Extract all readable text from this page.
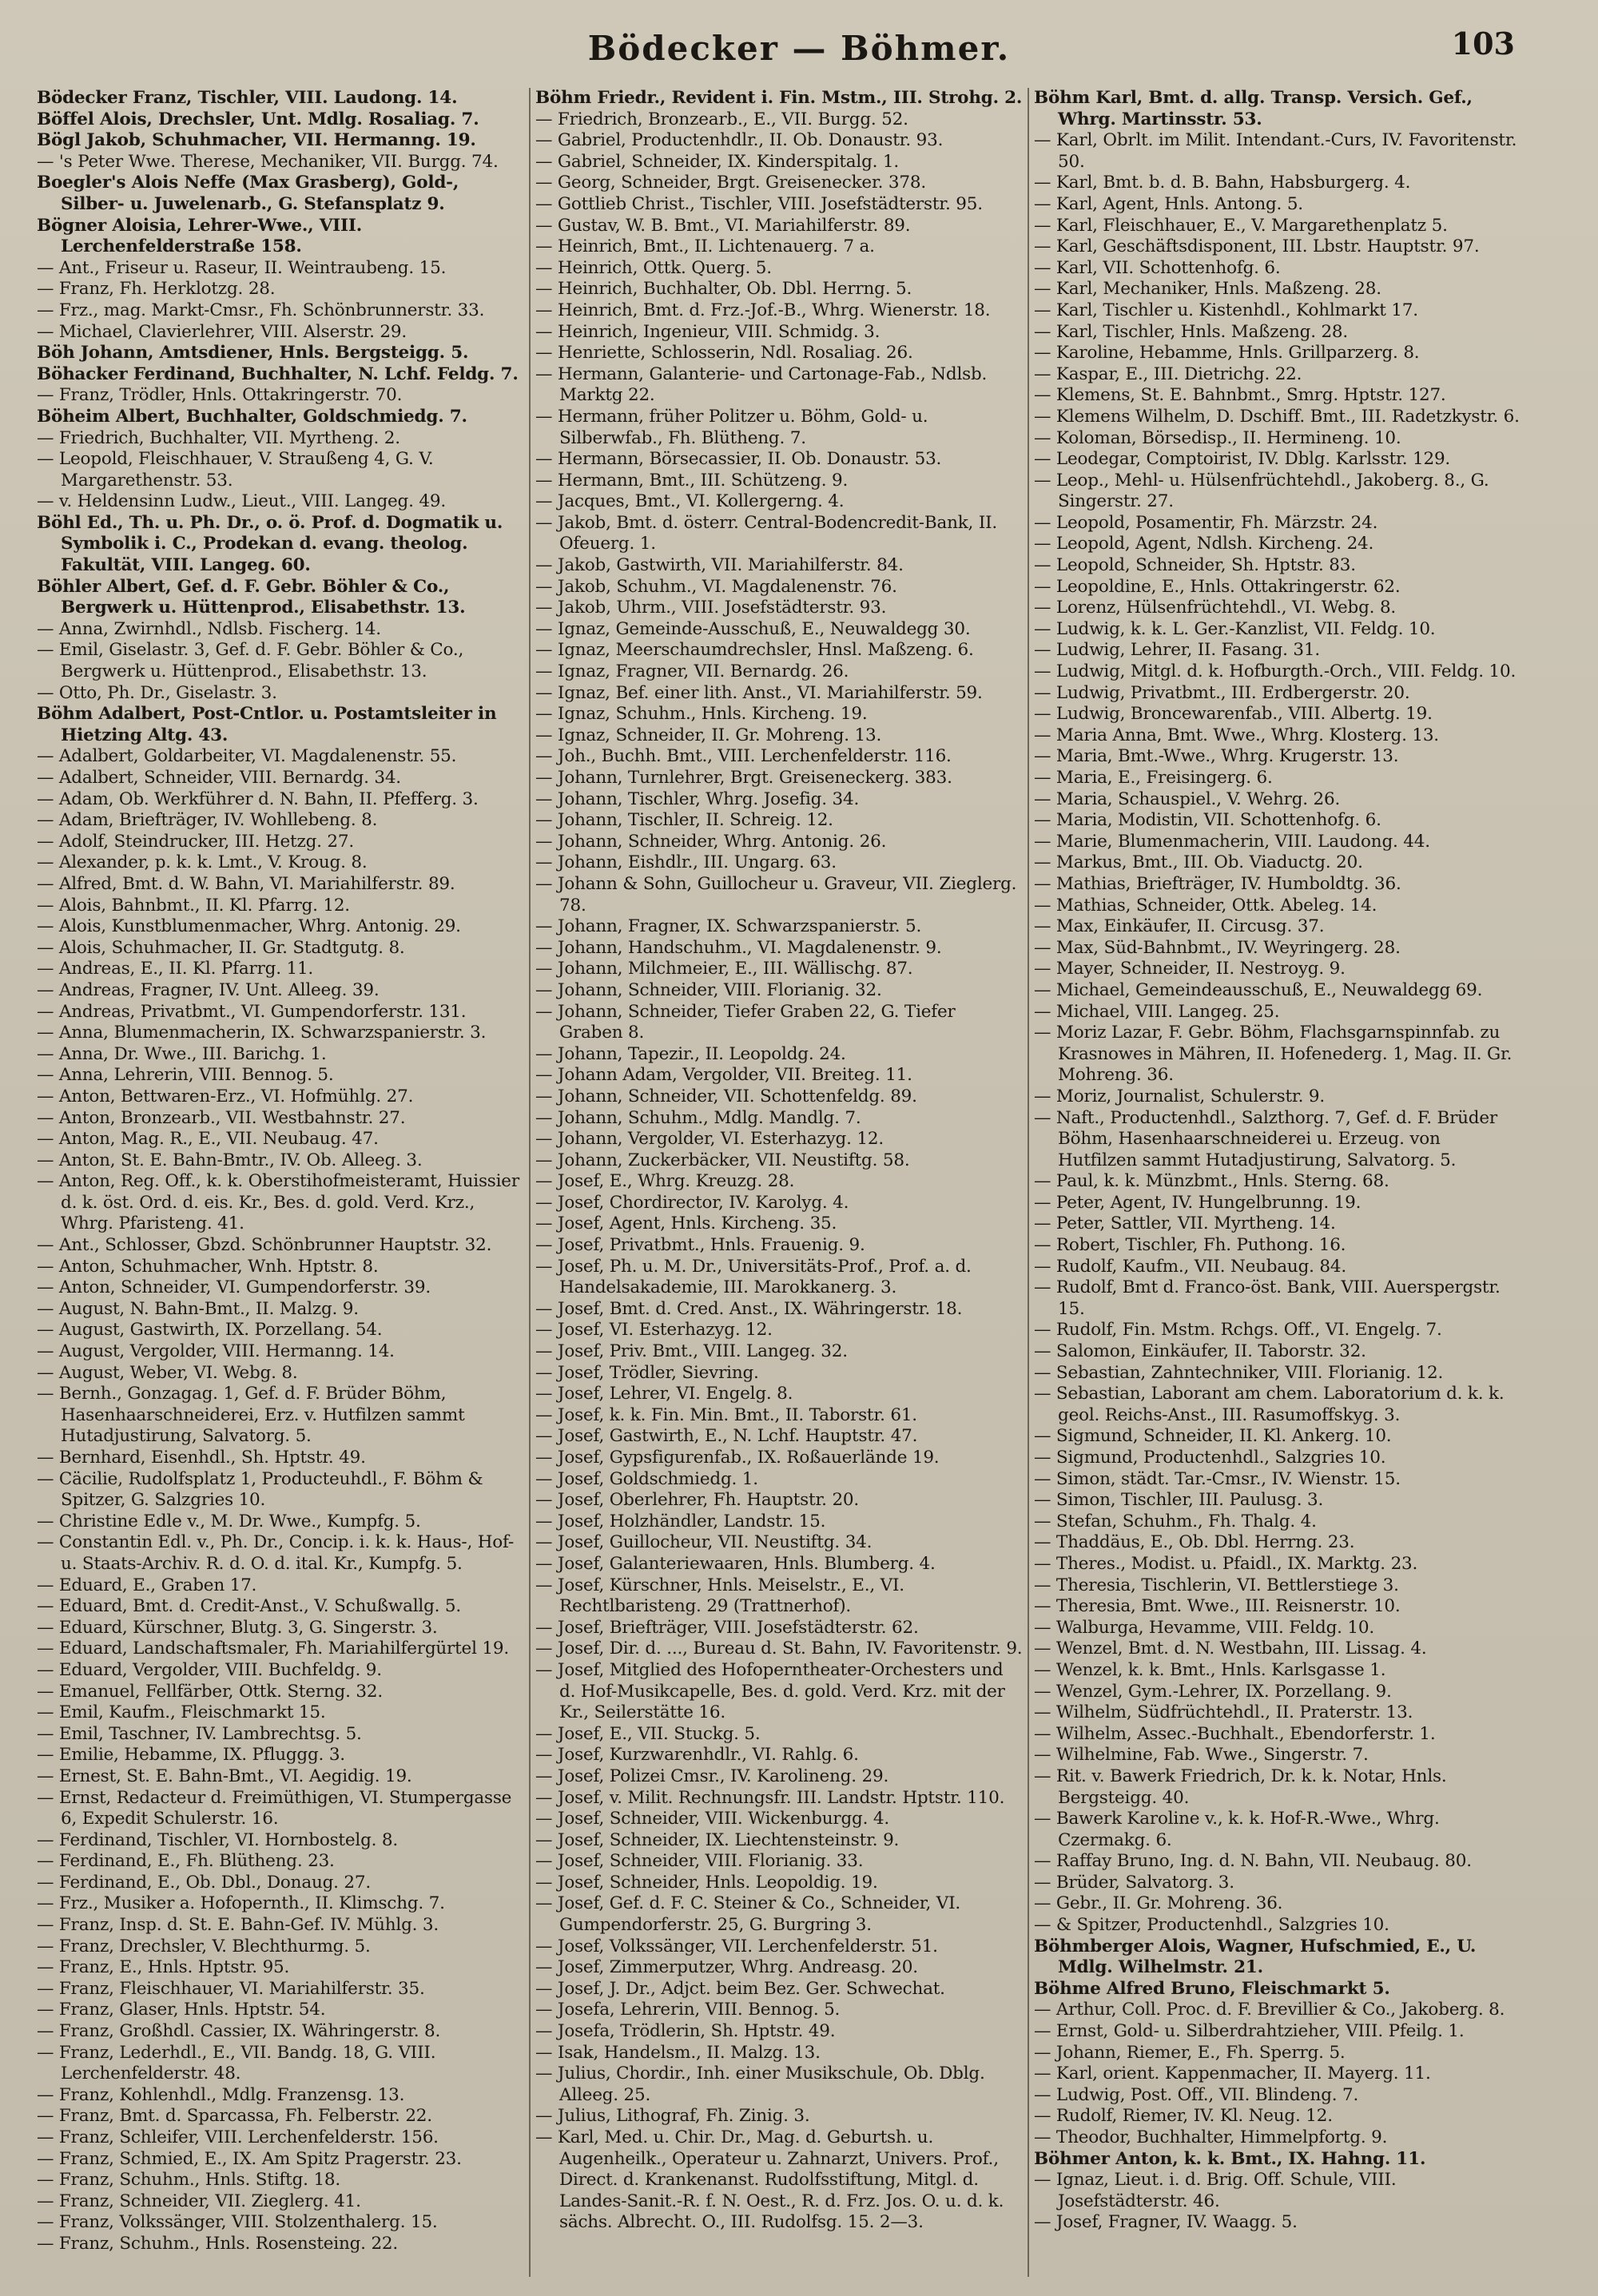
Bödecker — Böhmer.	103

Bödecker Franz, Tischler, VIII. Laudong. 14.

Böffel Alois, Drechsler, Unt. Mdlg. Rosaliag. 7.

Bögl Jakob, Schuhmacher, VII. Hermanng. 19.

— 's Peter Wwe. Therese, Mechaniker, VII. Burgg. 74.

Boegler's Alois Neffe (Max Grasberg), Gold-, Silber- u. Juwelenarb., G. Stefansplatz 9.

Bögner Aloisia, Lehrer-Wwe., VIII. Lerchenfelderstraße 158.

— Ant., Friseur u. Raseur, II. Weintraubeng. 15.

— Franz, Fh. Herklotzg. 28.

— Frz., mag. Markt-Cmsr., Fh. Schönbrunnerstr. 33.

— Michael, Clavierlehrer, VIII. Alserstr. 29.

Böh Johann, Amtsdiener, Hnls. Bergsteigg. 5.

Böhacker Ferdinand, Buchhalter, N. Lchf. Feldg. 7.

— Franz, Trödler, Hnls. Ottakringerstr. 70.

Böheim Albert, Buchhalter, Goldschmiedg. 7.

— Friedrich, Buchhalter, VII. Myrtheng. 2.

— Leopold, Fleischhauer, V. Straußeng 4, G. V. Margarethenstr. 53.

— v. Heldensinn Ludw., Lieut., VIII. Langeg. 49.

Böhl Ed., Th. u. Ph. Dr., o. ö. Prof. d. Dogmatik u. Symbolik i. C., Prodekan d. evang. theolog. Fakultät, VIII. Langeg. 60.

Böhler Albert, Gef. d. F. Gebr. Böhler & Co., Bergwerk u. Hüttenprod., Elisabethstr. 13.

— Anna, Zwirnhdl., Ndlsb. Fischerg. 14.

— Emil, Giselastr. 3, Gef. d. F. Gebr. Böhler & Co., Bergwerk u. Hüttenprod., Elisabethstr. 13.

— Otto, Ph. Dr., Giselastr. 3.

Böhm Adalbert, Post-Cntlor. u. Postamtsleiter in Hietzing Altg. 43.

— Adalbert, Goldarbeiter, VI. Magdalenenstr. 55.

— Adalbert, Schneider, VIII. Bernardg. 34.

— Adam, Ob. Werkführer d. N. Bahn, II. Pfefferg. 3.

— Adam, Briefträger, IV. Wohllebeng. 8.

— Adolf, Steindrucker, III. Hetzg. 27.

— Alexander, p. k. k. Lmt., V. Kroug. 8.

— Alfred, Bmt. d. W. Bahn, VI. Mariahilferstr. 89.

— Alois, Bahnbmt., II. Kl. Pfarrg. 12.

— Alois, Kunstblumenmacher, Whrg. Antonig. 29.

— Alois, Schuhmacher, II. Gr. Stadtgutg. 8.

— Andreas, E., II. Kl. Pfarrg. 11.

— Andreas, Fragner, IV. Unt. Alleeg. 39.

— Andreas, Privatbmt., VI. Gumpendorferstr. 131.

— Anna, Blumenmacherin, IX. Schwarzspanierstr. 3.

— Anna, Dr. Wwe., III. Barichg. 1.

— Anna, Lehrerin, VIII. Bennog. 5.

— Anton, Bettwaren-Erz., VI. Hofmühlg. 27.

— Anton, Bronzearb., VII. Westbahnstr. 27.

— Anton, Mag. R., E., VII. Neubaug. 47.

— Anton, St. E. Bahn-Bmtr., IV. Ob. Alleeg. 3.

— Anton, Reg. Off., k. k. Oberstihofmeisteramt, Huissier d. k. öst. Ord. d. eis. Kr., Bes. d. gold. Verd. Krz., Whrg. Pfaristeng. 41.

— Ant., Schlosser, Gbzd. Schönbrunner Hauptstr. 32.

— Anton, Schuhmacher, Wnh. Hptstr. 8.

— Anton, Schneider, VI. Gumpendorferstr. 39.

— August, N. Bahn-Bmt., II. Malzg. 9.

— August, Gastwirth, IX. Porzellang. 54.

— August, Vergolder, VIII. Hermanng. 14.

— August, Weber, VI. Webg. 8.

— Bernh., Gonzagag. 1, Gef. d. F. Brüder Böhm, Hasenhaarschneiderei, Erz. v. Hutfilzen sammt Hutadjustirung, Salvatorg. 5.

— Bernhard, Eisenhdl., Sh. Hptstr. 49.

— Cäcilie, Rudolfsplatz 1, Producteuhdl., F. Böhm & Spitzer, G. Salzgries 10.

— Christine Edle v., M. Dr. Wwe., Kumpfg. 5.

— Constantin Edl. v., Ph. Dr., Concip. i. k. k. Haus-, Hof- u. Staats-Archiv. R. d. O. d. ital. Kr., Kumpfg. 5.

— Eduard, E., Graben 17.

— Eduard, Bmt. d. Credit-Anst., V. Schußwallg. 5.

— Eduard, Kürschner, Blutg. 3, G. Singerstr. 3.

— Eduard, Landschaftsmaler, Fh. Mariahilfergürtel 19.

— Eduard, Vergolder, VIII. Buchfeldg. 9.

— Emanuel, Fellfärber, Ottk. Sterng. 32.

— Emil, Kaufm., Fleischmarkt 15.

— Emil, Taschner, IV. Lambrechtsg. 5.

— Emilie, Hebamme, IX. Pfluggg. 3.

— Ernest, St. E. Bahn-Bmt., VI. Aegidig. 19.

— Ernst, Redacteur d. Freimüthigen, VI. Stumpergasse 6, Expedit Schulerstr. 16.

— Ferdinand, Tischler, VI. Hornbostelg. 8.

— Ferdinand, E., Fh. Blütheng. 23.

— Ferdinand, E., Ob. Dbl., Donaug. 27.

— Frz., Musiker a. Hofopernth., II. Klimschg. 7.

— Franz, Insp. d. St. E. Bahn-Gef. IV. Mühlg. 3.

— Franz, Drechsler, V. Blechthurmg. 5.

— Franz, E., Hnls. Hptstr. 95.

— Franz, Fleischhauer, VI. Mariahilferstr. 35.

— Franz, Glaser, Hnls. Hptstr. 54.

— Franz, Großhdl. Cassier, IX. Währingerstr. 8.

— Franz, Lederhdl., E., VII. Bandg. 18, G. VIII. Lerchenfelderstr. 48.

— Franz, Kohlenhdl., Mdlg. Franzensg. 13.

— Franz, Bmt. d. Sparcassa, Fh. Felberstr. 22.

— Franz, Schleifer, VIII. Lerchenfelderstr. 156.

— Franz, Schmied, E., IX. Am Spitz Pragerstr. 23.

— Franz, Schuhm., Hnls. Stiftg. 18.

— Franz, Schneider, VII. Zieglerg. 41.

— Franz, Volkssänger, VIII. Stolzenthalerg. 15.

— Franz, Schuhm., Hnls. Rosensteing. 22.

Böhm Friedr., Revident i. Fin. Mstm., III. Strohg. 2.

— Friedrich, Bronzearb., E., VII. Burgg. 52.

— Gabriel, Productenhdlr., II. Ob. Donaustr. 93.

— Gabriel, Schneider, IX. Kinderspitalg. 1.

— Georg, Schneider, Brgt. Greisenecker. 378.

— Gottlieb Christ., Tischler, VIII. Josefstädterstr. 95.

— Gustav, W. B. Bmt., VI. Mariahilferstr. 89.

— Heinrich, Bmt., II. Lichtenauerg. 7 a.

— Heinrich, Ottk. Querg. 5.

— Heinrich, Buchhalter, Ob. Dbl. Herrng. 5.

— Heinrich, Bmt. d. Frz.-Jof.-B., Whrg. Wienerstr. 18.

— Heinrich, Ingenieur, VIII. Schmidg. 3.

— Henriette, Schlosserin, Ndl. Rosaliag. 26.

— Hermann, Galanterie- und Cartonage-Fab., Ndlsb. Marktg 22.

— Hermann, früher Politzer u. Böhm, Gold- u. Silberwfab., Fh. Blütheng. 7.

— Hermann, Börsecassier, II. Ob. Donaustr. 53.

— Hermann, Bmt., III. Schützeng. 9.

— Jacques, Bmt., VI. Kollergerng. 4.

— Jakob, Bmt. d. österr. Central-Bodencredit-Bank, II. Ofeuerg. 1.

— Jakob, Gastwirth, VII. Mariahilferstr. 84.

— Jakob, Schuhm., VI. Magdalenenstr. 76.

— Jakob, Uhrm., VIII. Josefstädterstr. 93.

— Ignaz, Gemeinde-Ausschuß, E., Neuwaldegg 30.

— Ignaz, Meerschaumdrechsler, Hnsl. Maßzeng. 6.

— Ignaz, Fragner, VII. Bernardg. 26.

— Ignaz, Bef. einer lith. Anst., VI. Mariahilferstr. 59.

— Ignaz, Schuhm., Hnls. Kircheng. 19.

— Ignaz, Schneider, II. Gr. Mohreng. 13.

— Joh., Buchh. Bmt., VIII. Lerchenfelderstr. 116.

— Johann, Turnlehrer, Brgt. Greiseneckerg. 383.

— Johann, Tischler, Whrg. Josefig. 34.

— Johann, Tischler, II. Schreig. 12.

— Johann, Schneider, Whrg. Antonig. 26.

— Johann, Eishdlr., III. Ungarg. 63.

— Johann & Sohn, Guillocheur u. Graveur, VII. Zieglerg. 78.

— Johann, Fragner, IX. Schwarzspanierstr. 5.

— Johann, Handschuhm., VI. Magdalenenstr. 9.

— Johann, Milchmeier, E., III. Wällischg. 87.

— Johann, Schneider, VIII. Florianig. 32.

— Johann, Schneider, Tiefer Graben 22, G. Tiefer Graben 8.

— Johann, Tapezir., II. Leopoldg. 24.

— Johann Adam, Vergolder, VII. Breiteg. 11.

— Johann, Schneider, VII. Schottenfeldg. 89.

— Johann, Schuhm., Mdlg. Mandlg. 7.

— Johann, Vergolder, VI. Esterhazyg. 12.

— Johann, Zuckerbäcker, VII. Neustiftg. 58.

— Josef, E., Whrg. Kreuzg. 28.

— Josef, Chordirector, IV. Karolyg. 4.

— Josef, Agent, Hnls. Kircheng. 35.

— Josef, Privatbmt., Hnls. Frauenig. 9.

— Josef, Ph. u. M. Dr., Universitäts-Prof., Prof. a. d. Handelsakademie, III. Marokkanerg. 3.

— Josef, Bmt. d. Cred. Anst., IX. Währingerstr. 18.

— Josef, VI. Esterhazyg. 12.

— Josef, Priv. Bmt., VIII. Langeg. 32.

— Josef, Trödler, Sievring.

— Josef, Lehrer, VI. Engelg. 8.

— Josef, k. k. Fin. Min. Bmt., II. Taborstr. 61.

— Josef, Gastwirth, E., N. Lchf. Hauptstr. 47.

— Josef, Gypsfigurenfab., IX. Roßauerlände 19.

— Josef, Goldschmiedg. 1.

— Josef, Oberlehrer, Fh. Hauptstr. 20.

— Josef, Holzhändler, Landstr. 15.

— Josef, Guillocheur, VII. Neustiftg. 34.

— Josef, Galanteriewaaren, Hnls. Blumberg. 4.

— Josef, Kürschner, Hnls. Meiselstr., E., VI. Rechtlbaristeng. 29 (Trattnerhof).

— Josef, Briefträger, VIII. Josefstädterstr. 62.

— Josef, Dir. d. ..., Bureau d. St. Bahn, IV. Favoritenstr. 9.

— Josef, Mitglied des Hofoperntheater-Orchesters und d. Hof-Musikcapelle, Bes. d. gold. Verd. Krz. mit der Kr., Seilerstätte 16.

— Josef, E., VII. Stuckg. 5.

— Josef, Kurzwarenhdlr., VI. Rahlg. 6.

— Josef, Polizei Cmsr., IV. Karolineng. 29.

— Josef, v. Milit. Rechnungsfr. III. Landstr. Hptstr. 110.

— Josef, Schneider, VIII. Wickenburgg. 4.

— Josef, Schneider, IX. Liechtensteinstr. 9.

— Josef, Schneider, VIII. Florianig. 33.

— Josef, Schneider, Hnls. Leopoldig. 19.

— Josef, Gef. d. F. C. Steiner & Co., Schneider, VI. Gumpendorferstr. 25, G. Burgring 3.

— Josef, Volkssänger, VII. Lerchenfelderstr. 51.

— Josef, Zimmerputzer, Whrg. Andreasg. 20.

— Josef, J. Dr., Adjct. beim Bez. Ger. Schwechat.

— Josefa, Lehrerin, VIII. Bennog. 5.

— Josefa, Trödlerin, Sh. Hptstr. 49.

— Isak, Handelsm., II. Malzg. 13.

— Julius, Chordir., Inh. einer Musikschule, Ob. Dblg. Alleeg. 25.

— Julius, Lithograf, Fh. Zinig. 3.

— Karl, Med. u. Chir. Dr., Mag. d. Geburtsh. u. Augenheilk., Operateur u. Zahnarzt, Univers. Prof., Direct. d. Krankenanst. Rudolfsstiftung, Mitgl. d. Landes-Sanit.-R. f. N. Oest., R. d. Frz. Jos. O. u. d. k. sächs. Albrecht. O., III. Rudolfsg. 15. 2—3.

Böhm Karl, Bmt. d. allg. Transp. Versich. Gef., Whrg. Martinsstr. 53.

— Karl, Obrlt. im Milit. Intendant.-Curs, IV. Favoritenstr. 50.

— Karl, Bmt. b. d. B. Bahn, Habsburgerg. 4.

— Karl, Agent, Hnls. Antong. 5.

— Karl, Fleischhauer, E., V. Margarethenplatz 5.

— Karl, Geschäftsdisponent, III. Lbstr. Hauptstr. 97.

— Karl, VII. Schottenhofg. 6.

— Karl, Mechaniker, Hnls. Maßzeng. 28.

— Karl, Tischler u. Kistenhdl., Kohlmarkt 17.

— Karl, Tischler, Hnls. Maßzeng. 28.

— Karoline, Hebamme, Hnls. Grillparzerg. 8.

— Kaspar, E., III. Dietrichg. 22.

— Klemens, St. E. Bahnbmt., Smrg. Hptstr. 127.

— Klemens Wilhelm, D. Dschiff. Bmt., III. Radetzkystr. 6.

— Koloman, Börsedisp., II. Hermineng. 10.

— Leodegar, Comptoirist, IV. Dblg. Karlsstr. 129.

— Leop., Mehl- u. Hülsenfrüchtehdl., Jakoberg. 8., G. Singerstr. 27.

— Leopold, Posamentir, Fh. Märzstr. 24.

— Leopold, Agent, Ndlsh. Kircheng. 24.

— Leopold, Schneider, Sh. Hptstr. 83.

— Leopoldine, E., Hnls. Ottakringerstr. 62.

— Lorenz, Hülsenfrüchtehdl., VI. Webg. 8.

— Ludwig, k. k. L. Ger.-Kanzlist, VII. Feldg. 10.

— Ludwig, Lehrer, II. Fasang. 31.

— Ludwig, Mitgl. d. k. Hofburgth.-Orch., VIII. Feldg. 10.

— Ludwig, Privatbmt., III. Erdbergerstr. 20.

— Ludwig, Broncewarenfab., VIII. Albertg. 19.

— Maria Anna, Bmt. Wwe., Whrg. Klosterg. 13.

— Maria, Bmt.-Wwe., Whrg. Krugerstr. 13.

— Maria, E., Freisingerg. 6.

— Maria, Schauspiel., V. Wehrg. 26.

— Maria, Modistin, VII. Schottenhofg. 6.

— Marie, Blumenmacherin, VIII. Laudong. 44.

— Markus, Bmt., III. Ob. Viaductg. 20.

— Mathias, Briefträger, IV. Humboldtg. 36.

— Mathias, Schneider, Ottk. Abeleg. 14.

— Max, Einkäufer, II. Circusg. 37.

— Max, Süd-Bahnbmt., IV. Weyringerg. 28.

— Mayer, Schneider, II. Nestroyg. 9.

— Michael, Gemeindeausschuß, E., Neuwaldegg 69.

— Michael, VIII. Langeg. 25.

— Moriz Lazar, F. Gebr. Böhm, Flachsgarnspinnfab. zu Krasnowes in Mähren, II. Hofenederg. 1, Mag. II. Gr. Mohreng. 36.

— Moriz, Journalist, Schulerstr. 9.

— Naft., Productenhdl., Salzthorg. 7, Gef. d. F. Brüder Böhm, Hasenhaarschneiderei u. Erzeug. von Hutfilzen sammt Hutadjustirung, Salvatorg. 5.

— Paul, k. k. Münzbmt., Hnls. Sterng. 68.

— Peter, Agent, IV. Hungelbrunng. 19.

— Peter, Sattler, VII. Myrtheng. 14.

— Robert, Tischler, Fh. Puthong. 16.

— Rudolf, Kaufm., VII. Neubaug. 84.

— Rudolf, Bmt d. Franco-öst. Bank, VIII. Auerspergstr. 15.

— Rudolf, Fin. Mstm. Rchgs. Off., VI. Engelg. 7.

— Salomon, Einkäufer, II. Taborstr. 32.

— Sebastian, Zahntechniker, VIII. Florianig. 12.

— Sebastian, Laborant am chem. Laboratorium d. k. k. geol. Reichs-Anst., III. Rasumoffskyg. 3.

— Sigmund, Schneider, II. Kl. Ankerg. 10.

— Sigmund, Productenhdl., Salzgries 10.

— Simon, städt. Tar.-Cmsr., IV. Wienstr. 15.

— Simon, Tischler, III. Paulusg. 3.

— Stefan, Schuhm., Fh. Thalg. 4.

— Thaddäus, E., Ob. Dbl. Herrng. 23.

— Theres., Modist. u. Pfaidl., IX. Marktg. 23.

— Theresia, Tischlerin, VI. Bettlerstiege 3.

— Theresia, Bmt. Wwe., III. Reisnerstr. 10.

— Walburga, Hevamme, VIII. Feldg. 10.

— Wenzel, Bmt. d. N. Westbahn, III. Lissag. 4.

— Wenzel, k. k. Bmt., Hnls. Karlsgasse 1.

— Wenzel, Gym.-Lehrer, IX. Porzellang. 9.

— Wilhelm, Südfrüchtehdl., II. Praterstr. 13.

— Wilhelm, Assec.-Buchhalt., Ebendorferstr. 1.

— Wilhelmine, Fab. Wwe., Singerstr. 7.

— Rit. v. Bawerk Friedrich, Dr. k. k. Notar, Hnls. Bergsteigg. 40.

— Bawerk Karoline v., k. k. Hof-R.-Wwe., Whrg. Czermakg. 6.

— Raffay Bruno, Ing. d. N. Bahn, VII. Neubaug. 80.

— Brüder, Salvatorg. 3.

— Gebr., II. Gr. Mohreng. 36.

— & Spitzer, Productenhdl., Salzgries 10.

Böhmberger Alois, Wagner, Hufschmied, E., U. Mdlg. Wilhelmstr. 21.

Böhme Alfred Bruno, Fleischmarkt 5.

— Arthur, Coll. Proc. d. F. Brevillier & Co., Jakoberg. 8.

— Ernst, Gold- u. Silberdrahtzieher, VIII. Pfeilg. 1.

— Johann, Riemer, E., Fh. Sperrg. 5.

— Karl, orient. Kappenmacher, II. Mayerg. 11.

— Ludwig, Post. Off., VII. Blindeng. 7.

— Rudolf, Riemer, IV. Kl. Neug. 12.

— Theodor, Buchhalter, Himmelpfortg. 9.

Böhmer Anton, k. k. Bmt., IX. Hahng. 11.

— Ignaz, Lieut. i. d. Brig. Off. Schule, VIII. Josefstädterstr. 46.

— Josef, Fragner, IV. Waagg. 5.
